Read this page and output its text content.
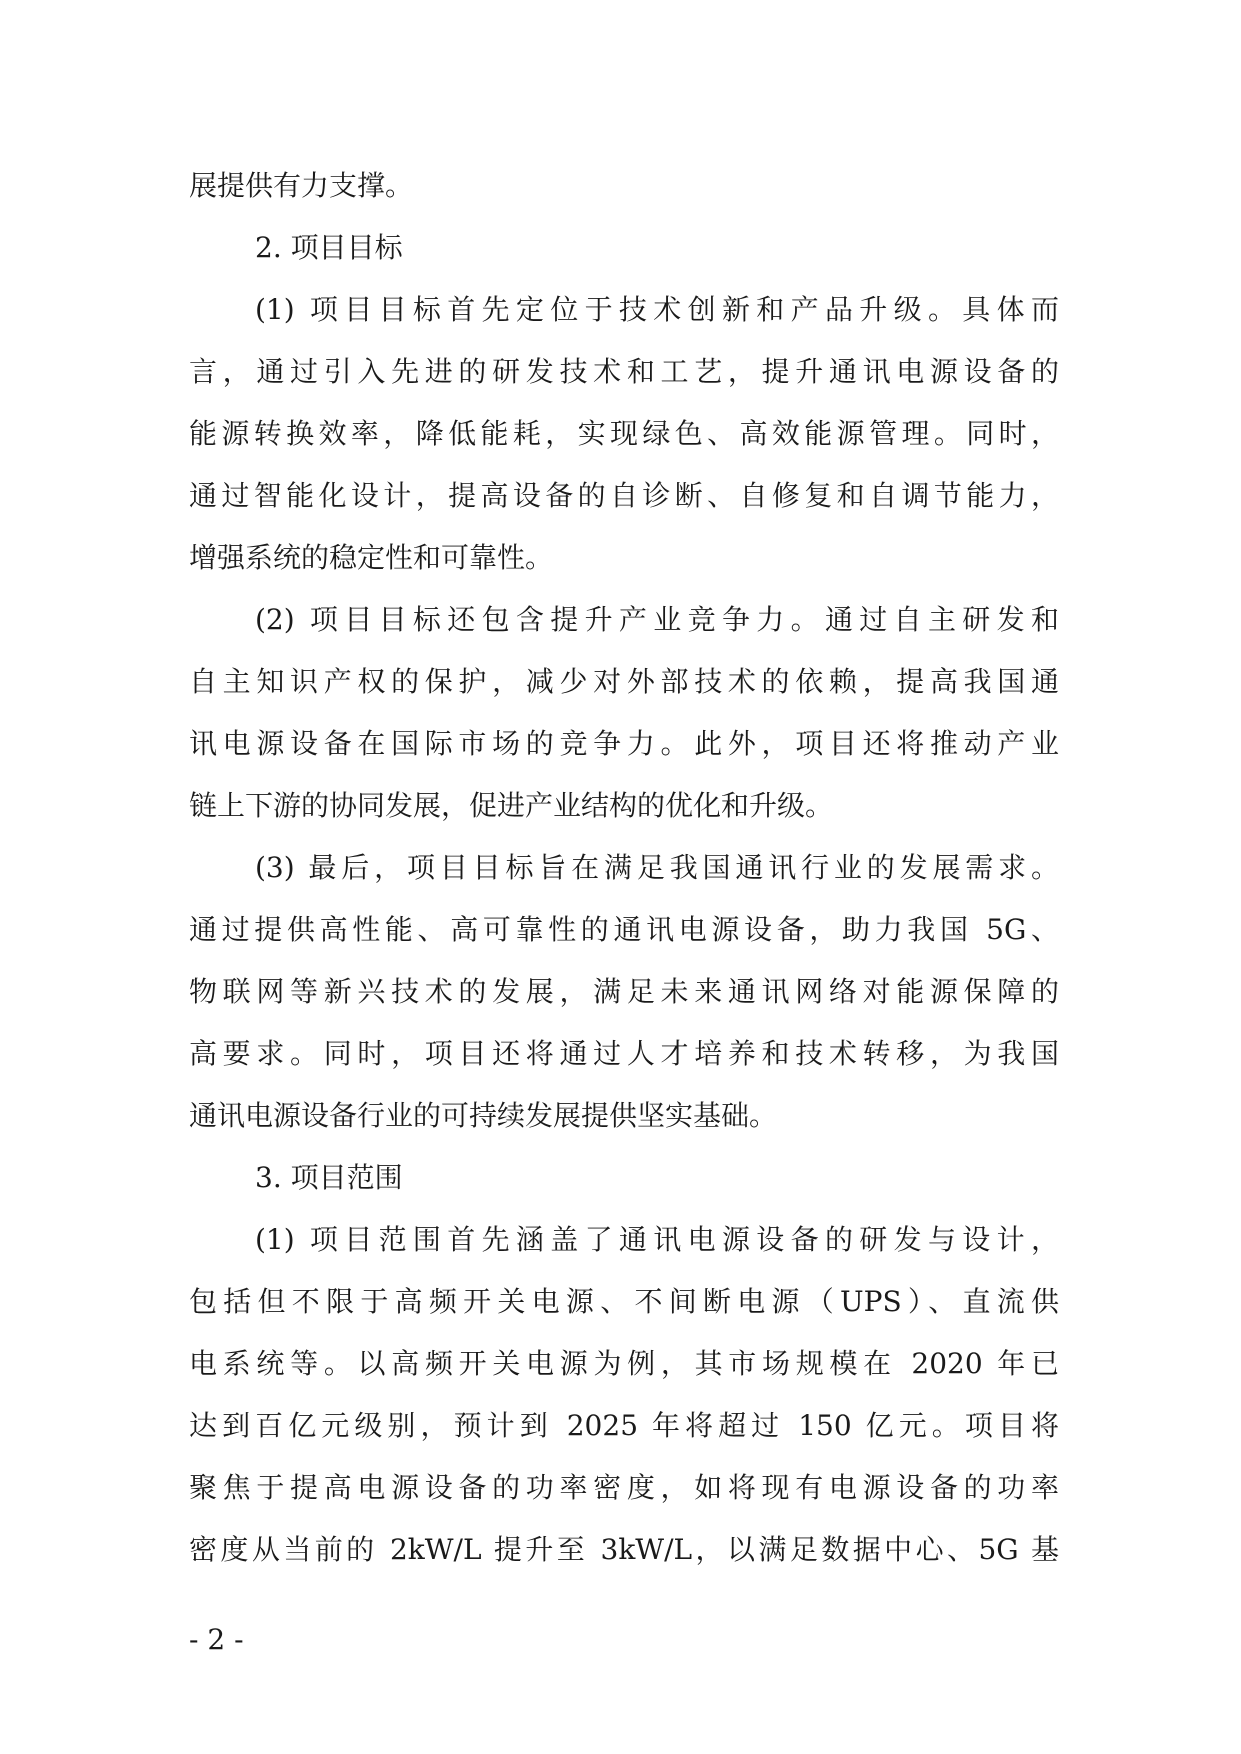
展提供有力支撑。
2. 项目目标
(1) 项目目标首先定位于技术创新和产品升级。具体而
言，通过引入先进的研发技术和工艺，提升通讯电源设备的
能源转换效率，降低能耗，实现绿色、高效能源管理。同时，
通过智能化设计，提高设备的自诊断、自修复和自调节能力，
增强系统的稳定性和可靠性。
(2) 项目目标还包含提升产业竞争力。通过自主研发和
自主知识产权的保护，减少对外部技术的依赖，提高我国通
讯电源设备在国际市场的竞争力。此外，项目还将推动产业
链上下游的协同发展，促进产业结构的优化和升级。
(3) 最后，项目目标旨在满足我国通讯行业的发展需求。
通过提供高性能、高可靠性的通讯电源设备，助力我国 5G、
物联网等新兴技术的发展，满足未来通讯网络对能源保障的
高要求。同时，项目还将通过人才培养和技术转移，为我国
通讯电源设备行业的可持续发展提供坚实基础。
3. 项目范围
(1) 项目范围首先涵盖了通讯电源设备的研发与设计，
包括但不限于高频开关电源、不间断电源（UPS）、直流供
电系统等。以高频开关电源为例，其市场规模在 2020 年已
达到百亿元级别，预计到 2025 年将超过 150 亿元。项目将
聚焦于提高电源设备的功率密度，如将现有电源设备的功率
密度从当前的 2kW/L 提升至 3kW/L，以满足数据中心、5G 基
- 2 -
